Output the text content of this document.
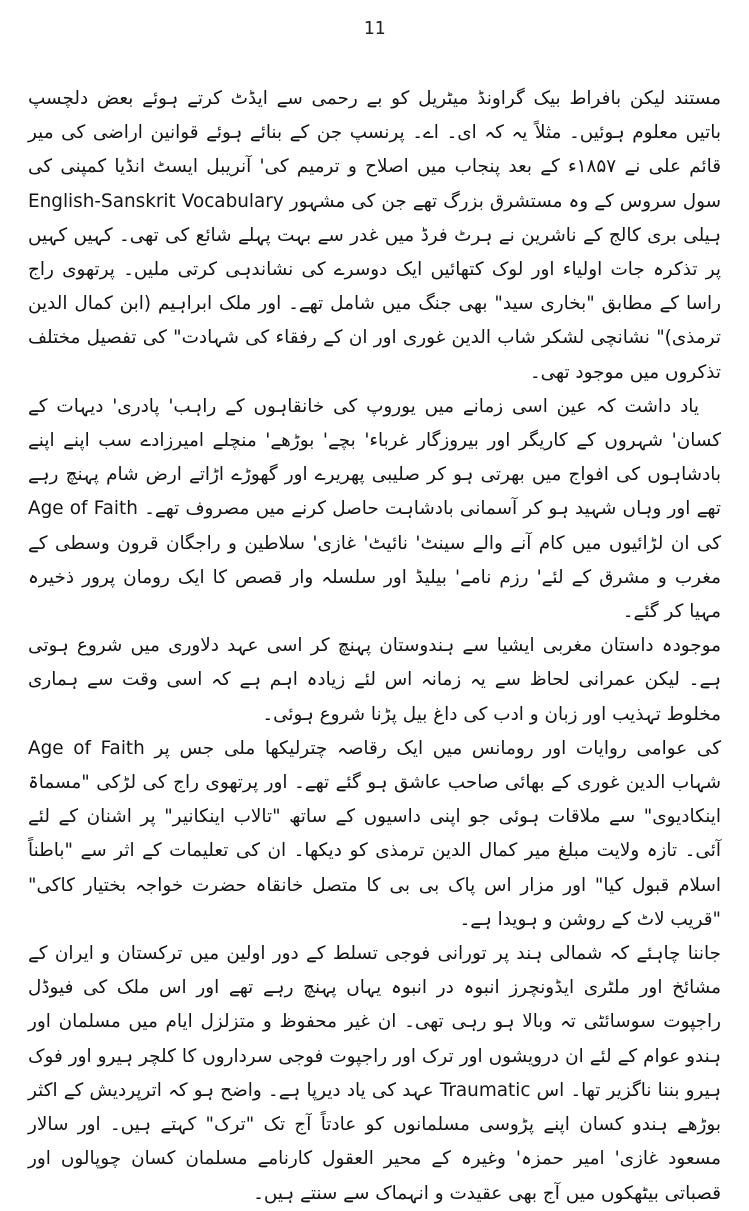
11

مستند لیکن بافراط بیک گراونڈ میٹریل کو بے رحمی سے ایڈٹ کرتے ہوئے بعض دلچسپ باتیں معلوم ہوئیں۔ مثلاً یہ کہ ای۔ اے۔ پرنسپ جن کے بنائے ہوئے قوانین اراضی کی میر قائم علی نے ۱۸۵۷ء کے بعد پنجاب میں اصلاح و ترمیم کی' آنریبل ایسٹ انڈیا کمپنی کی سول سروس کے وہ مستشرق بزرگ تھے جن کی مشہور English-Sanskrit Vocabulary ہیلی بری کالج کے ناشرین نے ہرٹ فرڈ میں غدر سے بہت پہلے شائع کی تھی۔ کہیں کہیں پر تذکرہ جات اولیاء اور لوک کتھائیں ایک دوسرے کی نشاندہی کرتی ملیں۔ پرتھوی راج راسا کے مطابق "بخاری سید" بھی جنگ میں شامل تھے۔ اور ملک ابراہیم (ابن کمال الدین ترمذی)" نشانچی لشکر شاب الدین غوری اور ان کے رفقاء کی شہادت" کی تفصیل مختلف تذکروں میں موجود تھی۔

یاد داشت کہ عین اسی زمانے میں یوروپ کی خانقاہوں کے راہب' پادری' دیہات کے کسان' شہروں کے کاریگر اور بیروزگار غرباء' بچے' بوڑھے' منچلے امیرزادے سب اپنے اپنے بادشاہوں کی افواج میں بھرتی ہو کر صلیبی پھریرے اور گھوڑے اڑاتے ارض شام پہنچ رہے تھے اور وہاں شہید ہو کر آسمانی بادشاہت حاصل کرنے میں مصروف تھے۔ Age of Faith کی ان لڑائیوں میں کام آنے والے سینٹ' نائیٹ' غازی' سلاطین و راجگان قرون وسطی کے مغرب و مشرق کے لئے' رزم نامے' بیلیڈ اور سلسلہ وار قصص کا ایک رومان پرور ذخیرہ مہیا کر گئے۔

موجودہ داستان مغربی ایشیا سے ہندوستان پہنچ کر اسی عہد دلاوری میں شروع ہوتی ہے۔ لیکن عمرانی لحاظ سے یہ زمانہ اس لئے زیادہ اہم ہے کہ اسی وقت سے ہماری مخلوط تہذیب اور زبان و ادب کی داغ بیل پڑنا شروع ہوئی۔

Age of Faith کی عوامی روایات اور رومانس میں ایک رقاصہ چترلیکھا ملی جس پر شہاب الدین غوری کے بھائی صاحب عاشق ہو گئے تھے۔ اور پرتھوی راج کی لڑکی "مسماۃ اینکادیوی" سے ملاقات ہوئی جو اپنی داسیوں کے ساتھ "تالاب اینکانیر" پر اشنان کے لئے آئی۔ تازہ ولایت مبلغ میر کمال الدین ترمذی کو دیکھا۔ ان کی تعلیمات کے اثر سے "باطناً اسلام قبول کیا" اور مزار اس پاک بی بی کا متصل خانقاہ حضرت خواجہ بختیار کاکی" قریب لاٹ کے روشن و ہویدا ہے۔"

جاننا چاہئے کہ شمالی ہند پر تورانی فوجی تسلط کے دور اولین میں ترکستان و ایران کے مشائخ اور ملٹری ایڈونچرز انبوہ در انبوہ یہاں پہنچ رہے تھے اور اس ملک کی فیوڈل راجپوت سوسائٹی تہ وبالا ہو رہی تھی۔ ان غیر محفوظ و متزلزل ایام میں مسلمان اور ہندو عوام کے لئے ان درویشوں اور ترک اور راجپوت فوجی سرداروں کا کلچر ہیرو اور فوک ہیرو بننا ناگزیر تھا۔ اس Traumatic عہد کی یاد دیرپا ہے۔ واضح ہو کہ اترپردیش کے اکثر بوڑھے ہندو کسان اپنے پڑوسی مسلمانوں کو عادتاً آج تک "ترک" کہتے ہیں۔ اور سالار مسعود غازی' امیر حمزہ' وغیرہ کے محیر العقول کارنامے مسلمان کسان چوپالوں اور قصباتی بیٹھکوں میں آج بھی عقیدت و انہماک سے سنتے ہیں۔
